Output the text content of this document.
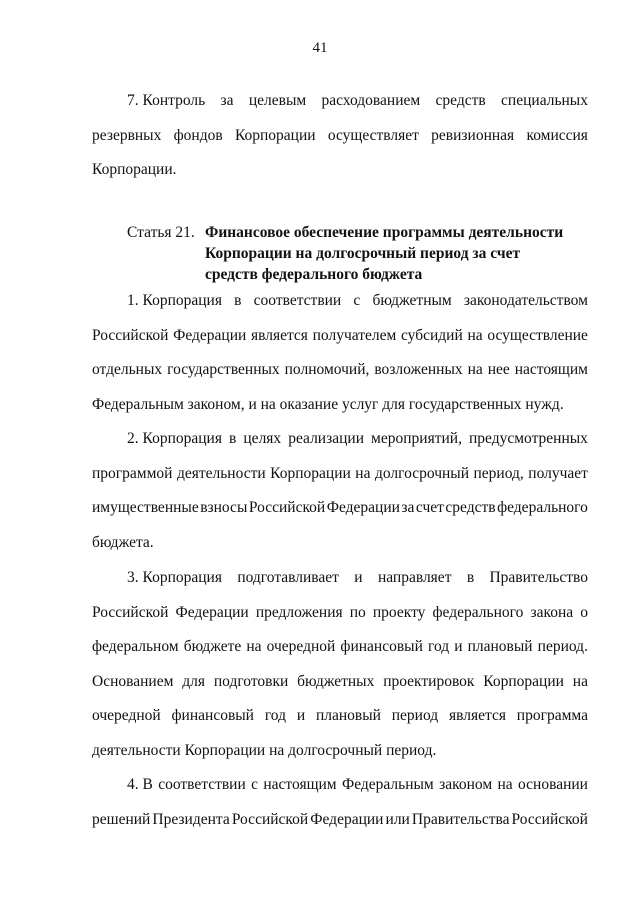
41
7. Контроль за целевым расходованием средств специальных
резервных фондов Корпорации осуществляет ревизионная комиссия
Корпорации.
Статья 21. Финансовое обеспечение программы деятельности
Корпорации на долгосрочный период за счет
средств федерального бюджета
1. Корпорация в соответствии с бюджетным законодательством
Российской Федерации является получателем субсидий на осуществление
отдельных государственных полномочий, возложенных на нее настоящим
Федеральным законом, и на оказание услуг для государственных нужд.
2. Корпорация в целях реализации мероприятий, предусмотренных
программой деятельности Корпорации на долгосрочный период, получает
имущественные взносы Российской Федерации за счет средств федерального
бюджета.
3. Корпорация подготавливает и направляет в Правительство
Российской Федерации предложения по проекту федерального закона о
федеральном бюджете на очередной финансовый год и плановый период.
Основанием для подготовки бюджетных проектировок Корпорации на
очередной финансовый год и плановый период является программа
деятельности Корпорации на долгосрочный период.
4. В соответствии с настоящим Федеральным законом на основании
решений Президента Российской Федерации или Правительства Российской
